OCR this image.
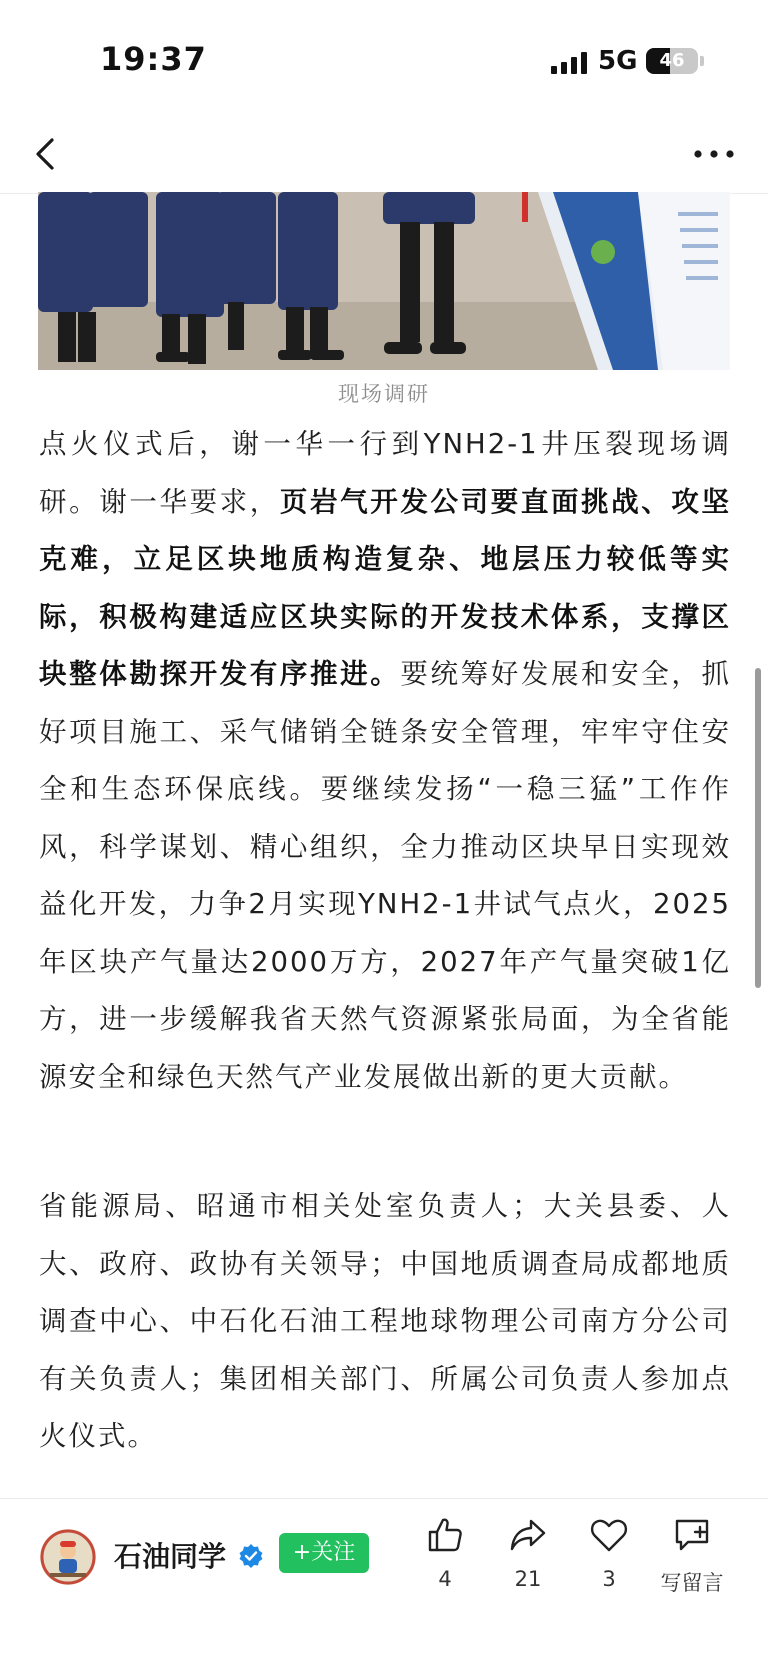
19:37	5G	46
现场调研

点火仪式后，谢一华一行到YNH2-1井压裂现场调研。谢一华要求，页岩气开发公司要直面挑战、攻坚克难，立足区块地质构造复杂、地层压力较低等实际，积极构建适应区块实际的开发技术体系，支撑区块整体勘探开发有序推进。要统筹好发展和安全，抓好项目施工、采气储销全链条安全管理，牢牢守住安全和生态环保底线。要继续发扬“一稳三猛”工作作风，科学谋划、精心组织，全力推动区块早日实现效益化开发，力争2月实现YNH2-1井试气点火，2025年区块产气量达2000万方，2027年产气量突破1亿方，进一步缓解我省天然气资源紧张局面，为全省能源安全和绿色天然气产业发展做出新的更大贡献。

省能源局、昭通市相关处室负责人；大关县委、人大、政府、政协有关领导；中国地质调查局成都地质调查中心、中石化石油工程地球物理公司南方分公司有关负责人；集团相关部门、所属公司负责人参加点火仪式。

石油同学	+关注
4	21	3	写留言
